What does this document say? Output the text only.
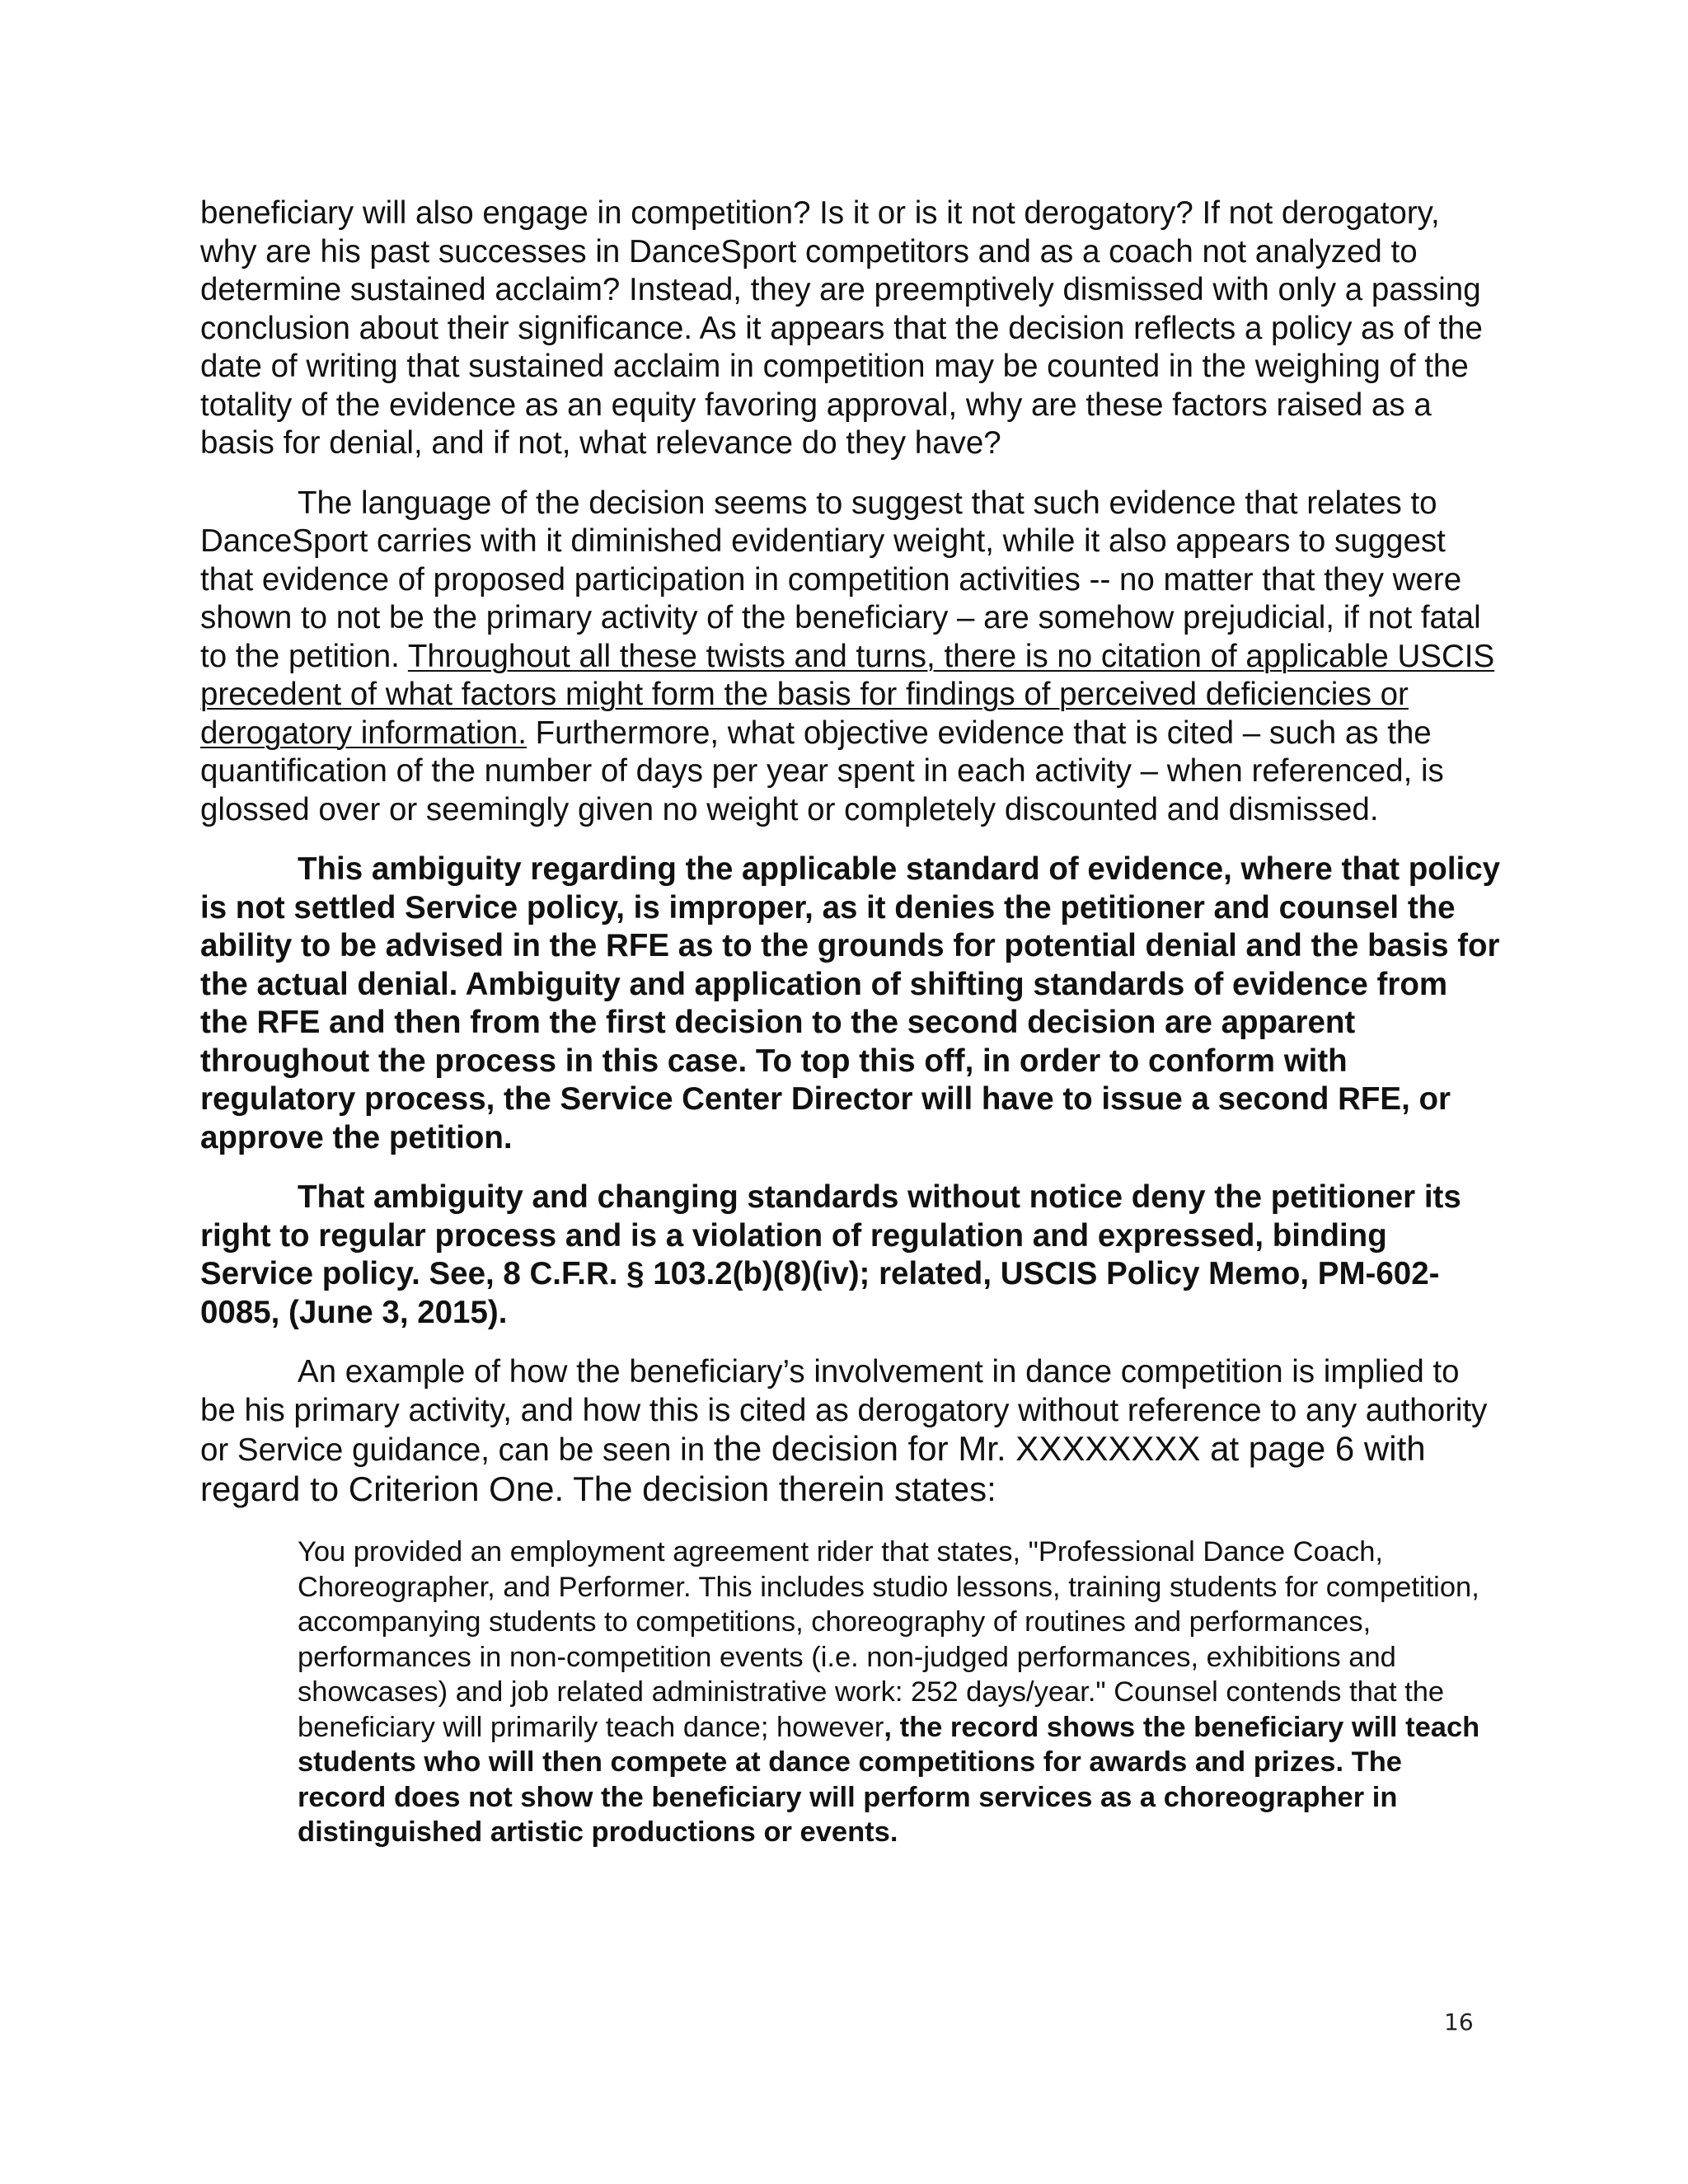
beneficiary will also engage in competition? Is it or is it not derogatory? If not derogatory, why are his past successes in DanceSport competitors and as a coach not analyzed to determine sustained acclaim? Instead, they are preemptively dismissed with only a passing conclusion about their significance. As it appears that the decision reflects a policy as of the date of writing that sustained acclaim in competition may be counted in the weighing of the totality of the evidence as an equity favoring approval, why are these factors raised as a basis for denial, and if not, what relevance do they have?

The language of the decision seems to suggest that such evidence that relates to DanceSport carries with it diminished evidentiary weight, while it also appears to suggest that evidence of proposed participation in competition activities -- no matter that they were shown to not be the primary activity of the beneficiary – are somehow prejudicial, if not fatal to the petition. Throughout all these twists and turns, there is no citation of applicable USCIS precedent of what factors might form the basis for findings of perceived deficiencies or derogatory information. Furthermore, what objective evidence that is cited – such as the quantification of the number of days per year spent in each activity – when referenced, is glossed over or seemingly given no weight or completely discounted and dismissed.

This ambiguity regarding the applicable standard of evidence, where that policy is not settled Service policy, is improper, as it denies the petitioner and counsel the ability to be advised in the RFE as to the grounds for potential denial and the basis for the actual denial. Ambiguity and application of shifting standards of evidence from the RFE and then from the first decision to the second decision are apparent throughout the process in this case. To top this off, in order to conform with regulatory process, the Service Center Director will have to issue a second RFE, or approve the petition.

That ambiguity and changing standards without notice deny the petitioner its right to regular process and is a violation of regulation and expressed, binding Service policy. See, 8 C.F.R. § 103.2(b)(8)(iv); related, USCIS Policy Memo, PM-602-0085, (June 3, 2015).

An example of how the beneficiary’s involvement in dance competition is implied to be his primary activity, and how this is cited as derogatory without reference to any authority or Service guidance, can be seen in the decision for Mr. XXXXXXXX at page 6 with regard to Criterion One. The decision therein states:

You provided an employment agreement rider that states, "Professional Dance Coach, Choreographer, and Performer. This includes studio lessons, training students for competition, accompanying students to competitions, choreography of routines and performances, performances in non-competition events (i.e. non-judged performances, exhibitions and showcases) and job related administrative work: 252 days/year." Counsel contends that the beneficiary will primarily teach dance; however, the record shows the beneficiary will teach students who will then compete at dance competitions for awards and prizes. The record does not show the beneficiary will perform services as a choreographer in distinguished artistic productions or events.

16
